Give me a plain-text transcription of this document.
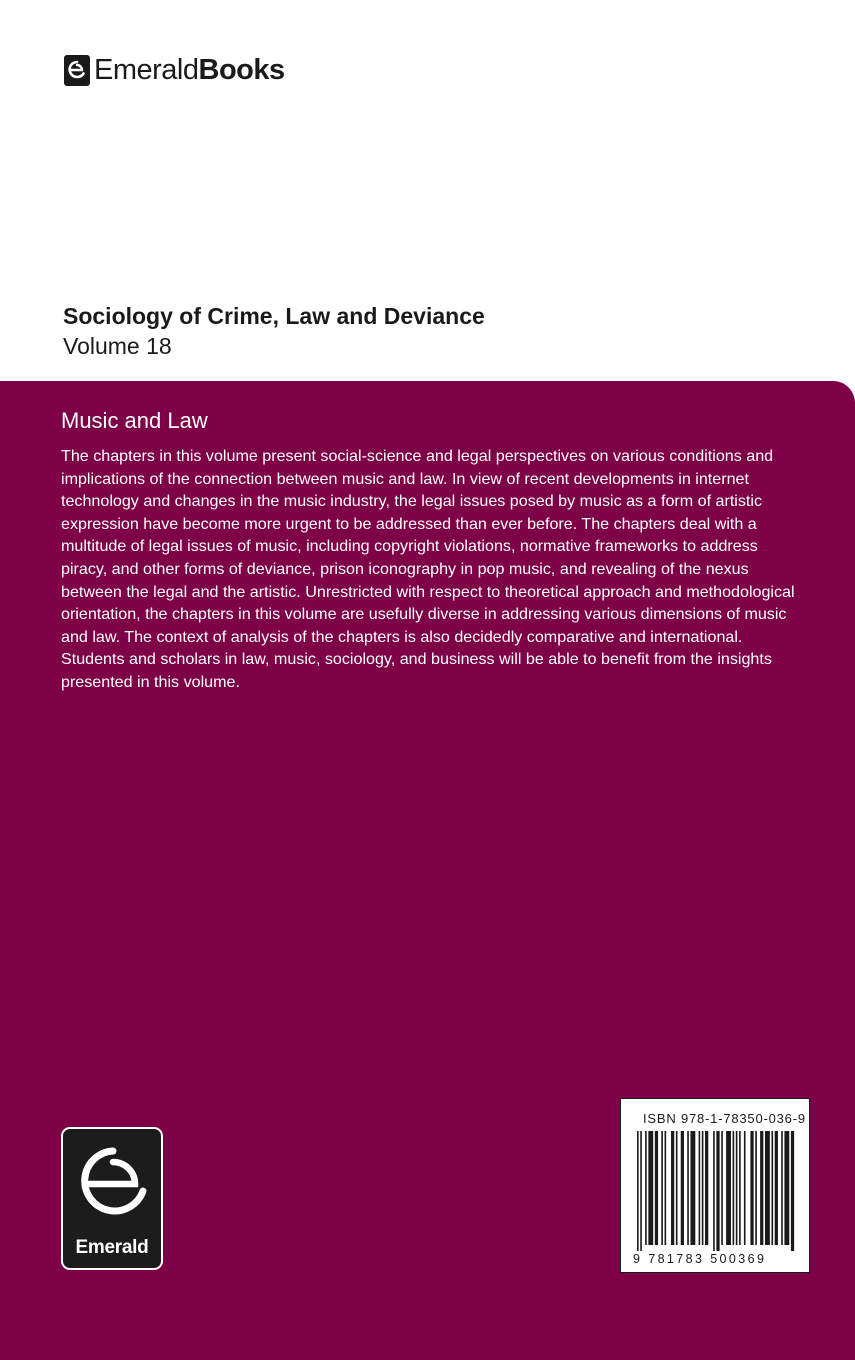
EmeraldBooks
Sociology of Crime, Law and Deviance
Volume 18
Music and Law
The chapters in this volume present social-science and legal perspectives on various conditions and implications of the connection between music and law. In view of recent developments in internet technology and changes in the music industry, the legal issues posed by music as a form of artistic expression have become more urgent to be addressed than ever before. The chapters deal with a multitude of legal issues of music, including copyright violations, normative frameworks to address piracy, and other forms of deviance, prison iconography in pop music, and revealing of the nexus between the legal and the artistic. Unrestricted with respect to theoretical approach and methodological orientation, the chapters in this volume are usefully diverse in addressing various dimensions of music and law. The context of analysis of the chapters is also decidedly comparative and international. Students and scholars in law, music, sociology, and business will be able to benefit from the insights presented in this volume.
Emerald
ISBN 978-1-78350-036-9
9 781783 500369
